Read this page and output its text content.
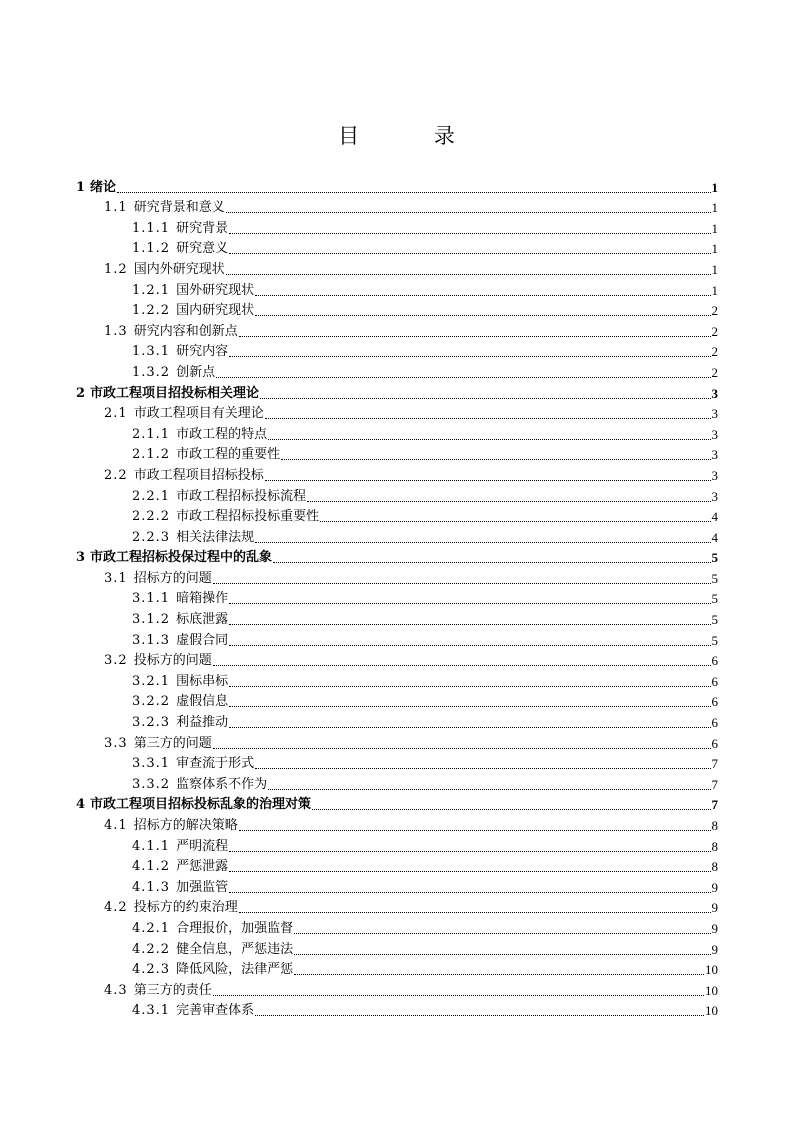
目 录
1 绪论	1
1.1 研究背景和意义	1
1.1.1 研究背景	1
1.1.2 研究意义	1
1.2 国内外研究现状	1
1.2.1 国外研究现状	1
1.2.2 国内研究现状	2
1.3 研究内容和创新点	2
1.3.1 研究内容	2
1.3.2 创新点	2
2 市政工程项目招投标相关理论	3
2.1 市政工程项目有关理论	3
2.1.1 市政工程的特点	3
2.1.2 市政工程的重要性	3
2.2 市政工程项目招标投标	3
2.2.1 市政工程招标投标流程	3
2.2.2 市政工程招标投标重要性	4
2.2.3 相关法律法规	4
3 市政工程招标投保过程中的乱象	5
3.1 招标方的问题	5
3.1.1 暗箱操作	5
3.1.2 标底泄露	5
3.1.3 虚假合同	5
3.2 投标方的问题	6
3.2.1 围标串标	6
3.2.2 虚假信息	6
3.2.3 利益推动	6
3.3 第三方的问题	6
3.3.1 审查流于形式	7
3.3.2 监察体系不作为	7
4 市政工程项目招标投标乱象的治理对策	7
4.1 招标方的解决策略	8
4.1.1 严明流程	8
4.1.2 严惩泄露	8
4.1.3 加强监管	9
4.2 投标方的约束治理	9
4.2.1 合理报价，加强监督	9
4.2.2 健全信息，严惩违法	9
4.2.3 降低风险，法律严惩	10
4.3 第三方的责任	10
4.3.1 完善审查体系	10
